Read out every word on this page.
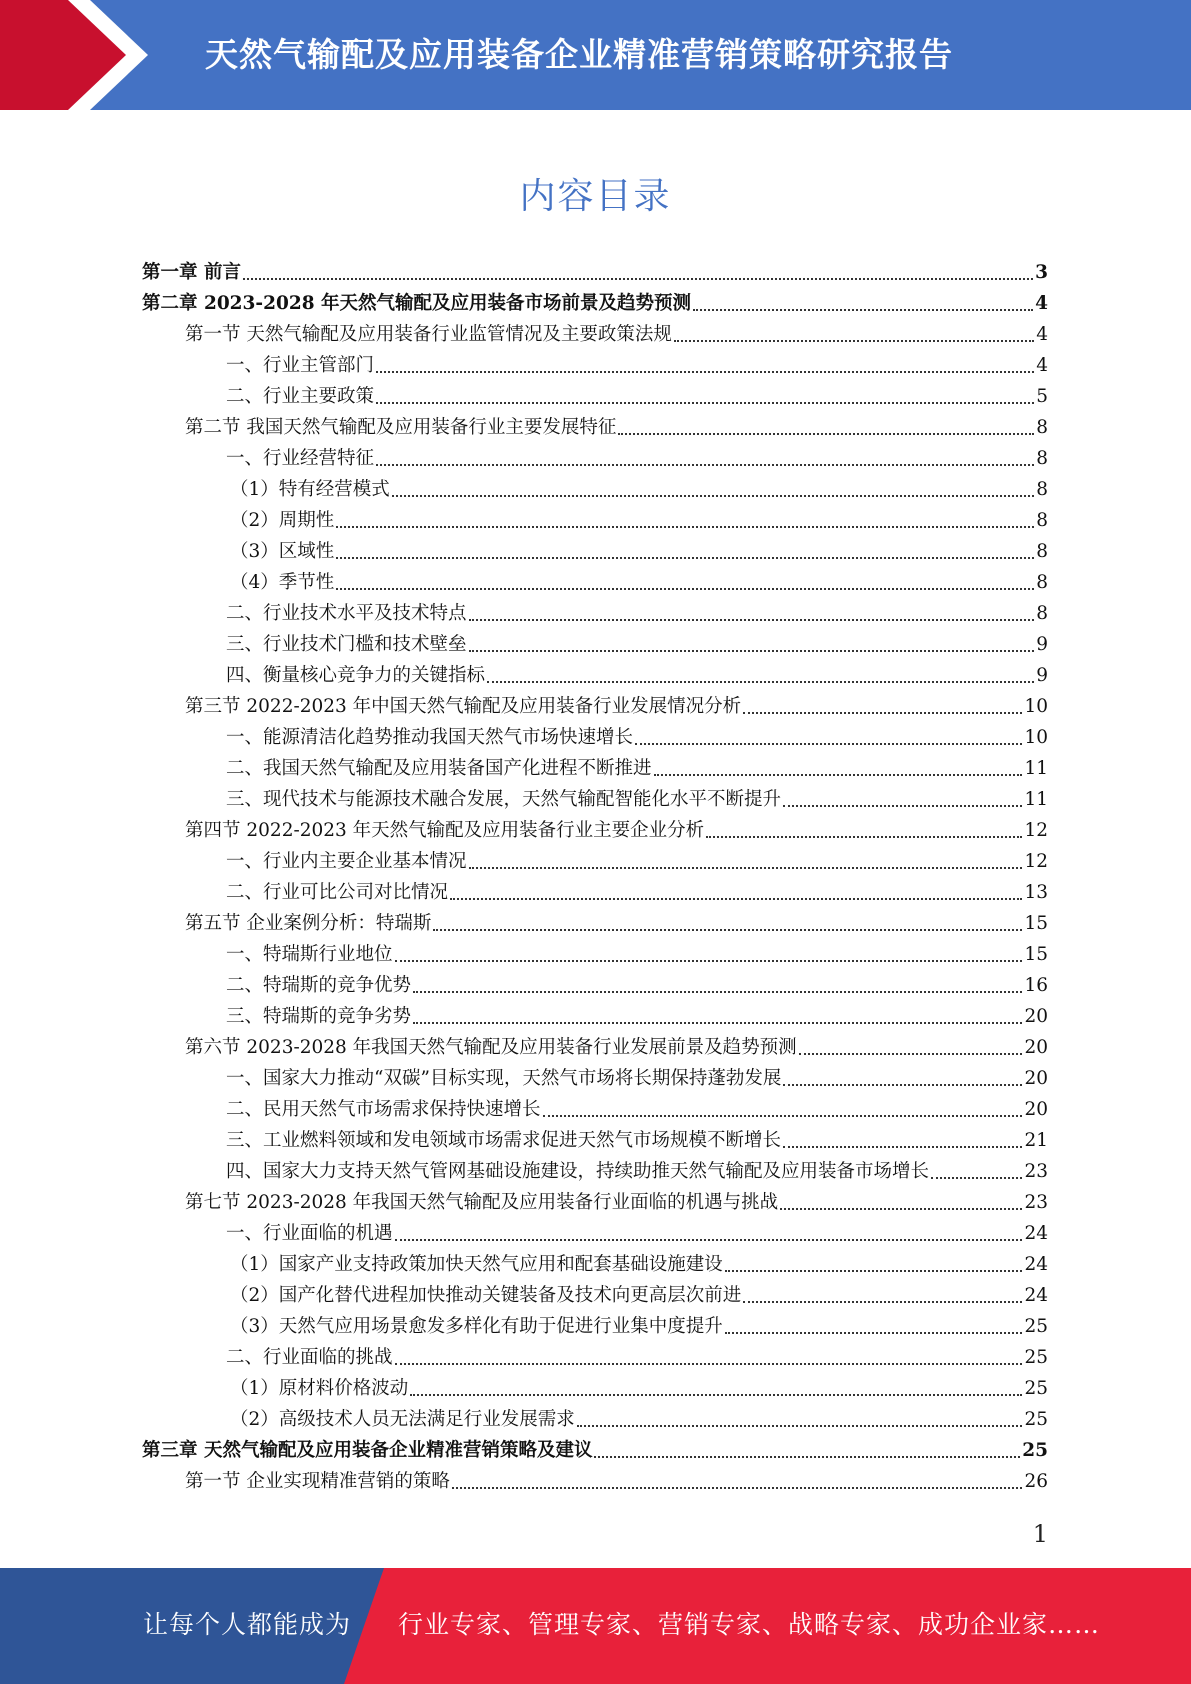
天然气输配及应用装备企业精准营销策略研究报告
内容目录
第一章 前言	3
第二章 2023-2028 年天然气输配及应用装备市场前景及趋势预测	4
第一节 天然气输配及应用装备行业监管情况及主要政策法规	4
一、行业主管部门	4
二、行业主要政策	5
第二节 我国天然气输配及应用装备行业主要发展特征	8
一、行业经营特征	8
（1）特有经营模式	8
（2）周期性	8
（3）区域性	8
（4）季节性	8
二、行业技术水平及技术特点	8
三、行业技术门槛和技术壁垒	9
四、衡量核心竞争力的关键指标	9
第三节 2022-2023 年中国天然气输配及应用装备行业发展情况分析	10
一、能源清洁化趋势推动我国天然气市场快速增长	10
二、我国天然气输配及应用装备国产化进程不断推进	11
三、现代技术与能源技术融合发展，天然气输配智能化水平不断提升	11
第四节 2022-2023 年天然气输配及应用装备行业主要企业分析	12
一、行业内主要企业基本情况	12
二、行业可比公司对比情况	13
第五节 企业案例分析：特瑞斯	15
一、特瑞斯行业地位	15
二、特瑞斯的竞争优势	16
三、特瑞斯的竞争劣势	20
第六节 2023-2028 年我国天然气输配及应用装备行业发展前景及趋势预测	20
一、国家大力推动“双碳”目标实现，天然气市场将长期保持蓬勃发展	20
二、民用天然气市场需求保持快速增长	20
三、工业燃料领域和发电领域市场需求促进天然气市场规模不断增长	21
四、国家大力支持天然气管网基础设施建设，持续助推天然气输配及应用装备市场增长	23
第七节 2023-2028 年我国天然气输配及应用装备行业面临的机遇与挑战	23
一、行业面临的机遇	24
（1）国家产业支持政策加快天然气应用和配套基础设施建设	24
（2）国产化替代进程加快推动关键装备及技术向更高层次前进	24
（3）天然气应用场景愈发多样化有助于促进行业集中度提升	25
二、行业面临的挑战	25
（1）原材料价格波动	25
（2）高级技术人员无法满足行业发展需求	25
第三章 天然气输配及应用装备企业精准营销策略及建议	25
第一节 企业实现精准营销的策略	26
1
让每个人都能成为 行业专家、管理专家、营销专家、战略专家、成功企业家……
